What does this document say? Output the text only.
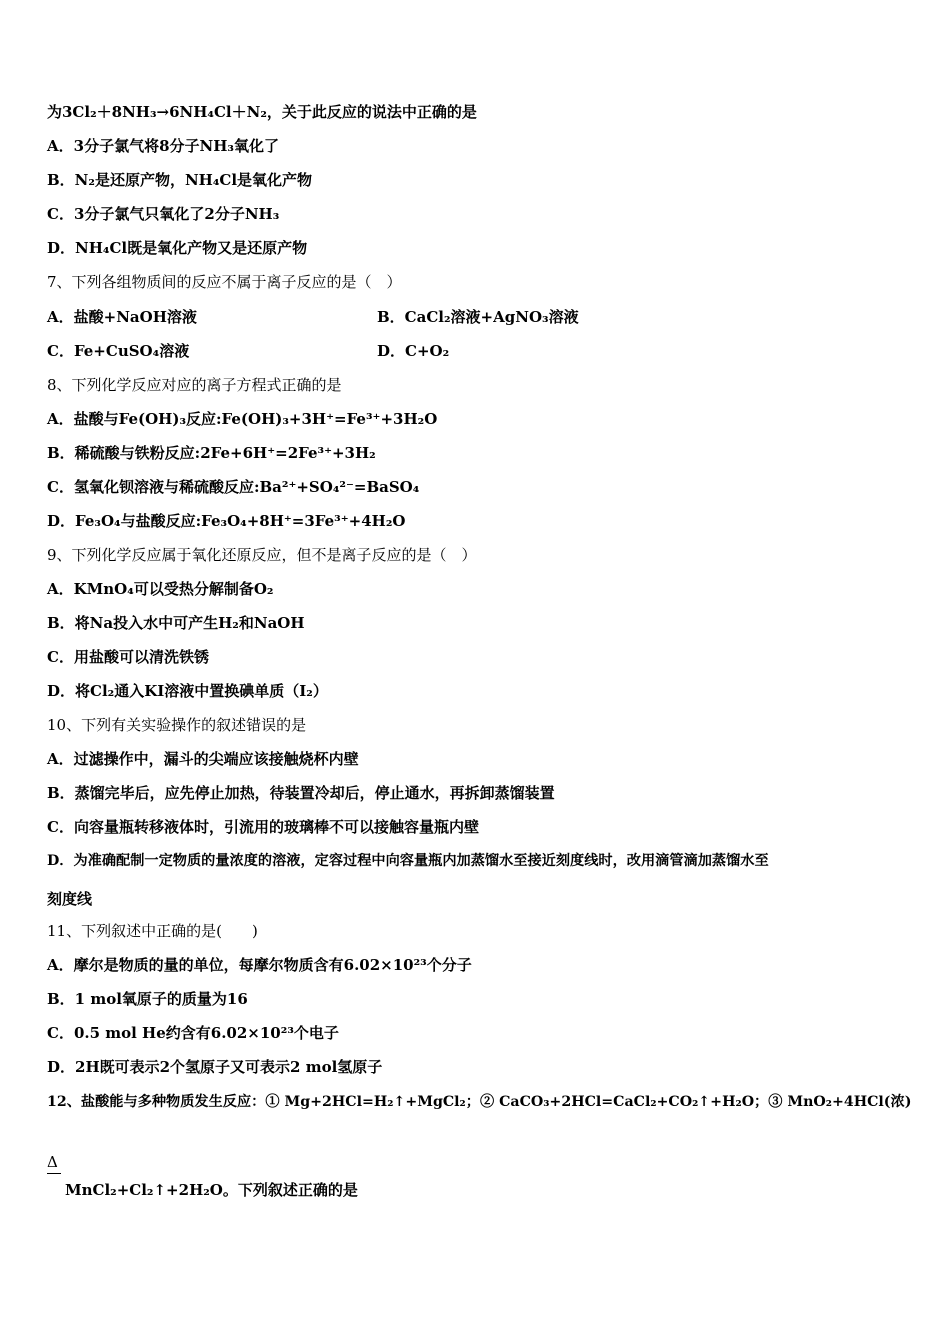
为3Cl₂＋8NH₃→6NH₄Cl＋N₂，关于此反应的说法中正确的是
A．3分子氯气将8分子NH₃氧化了
B．N₂是还原产物，NH₄Cl是氧化产物
C．3分子氯气只氧化了2分子NH₃
D．NH₄Cl既是氧化产物又是还原产物
7、下列各组物质间的反应不属于离子反应的是（　）
A．盐酸+NaOH溶液	B．CaCl₂溶液+AgNO₃溶液
C．Fe+CuSO₄溶液	D．C+O₂
8、下列化学反应对应的离子方程式正确的是
A．盐酸与Fe(OH)₃反应:Fe(OH)₃+3H⁺=Fe³⁺+3H₂O
B．稀硫酸与铁粉反应:2Fe+6H⁺=2Fe³⁺+3H₂
C．氢氧化钡溶液与稀硫酸反应:Ba²⁺+SO₄²⁻=BaSO₄
D．Fe₃O₄与盐酸反应:Fe₃O₄+8H⁺=3Fe³⁺+4H₂O
9、下列化学反应属于氧化还原反应，但不是离子反应的是（　）
A．KMnO₄可以受热分解制备O₂
B．将Na投入水中可产生H₂和NaOH
C．用盐酸可以清洗铁锈
D．将Cl₂通入KI溶液中置换碘单质（I₂）
10、下列有关实验操作的叙述错误的是
A．过滤操作中，漏斗的尖端应该接触烧杯内壁
B．蒸馏完毕后，应先停止加热，待装置冷却后，停止通水，再拆卸蒸馏装置
C．向容量瓶转移液体时，引流用的玻璃棒不可以接触容量瓶内壁
D．为准确配制一定物质的量浓度的溶液，定容过程中向容量瓶内加蒸馏水至接近刻度线时，改用滴管滴加蒸馏水至
刻度线
11、下列叙述中正确的是(　　)
A．摩尔是物质的量的单位，每摩尔物质含有6.02×10²³个分子
B．1 mol氧原子的质量为16
C．0.5 mol He约含有6.02×10²³个电子
D．2H既可表示2个氢原子又可表示2 mol氢原子
12、盐酸能与多种物质发生反应：① Mg+2HCl=H₂↑+MgCl₂；② CaCO₃+2HCl=CaCl₂+CO₂↑+H₂O；③ MnO₂+4HCl(浓)
Δ
MnCl₂+Cl₂↑+2H₂O。下列叙述正确的是
